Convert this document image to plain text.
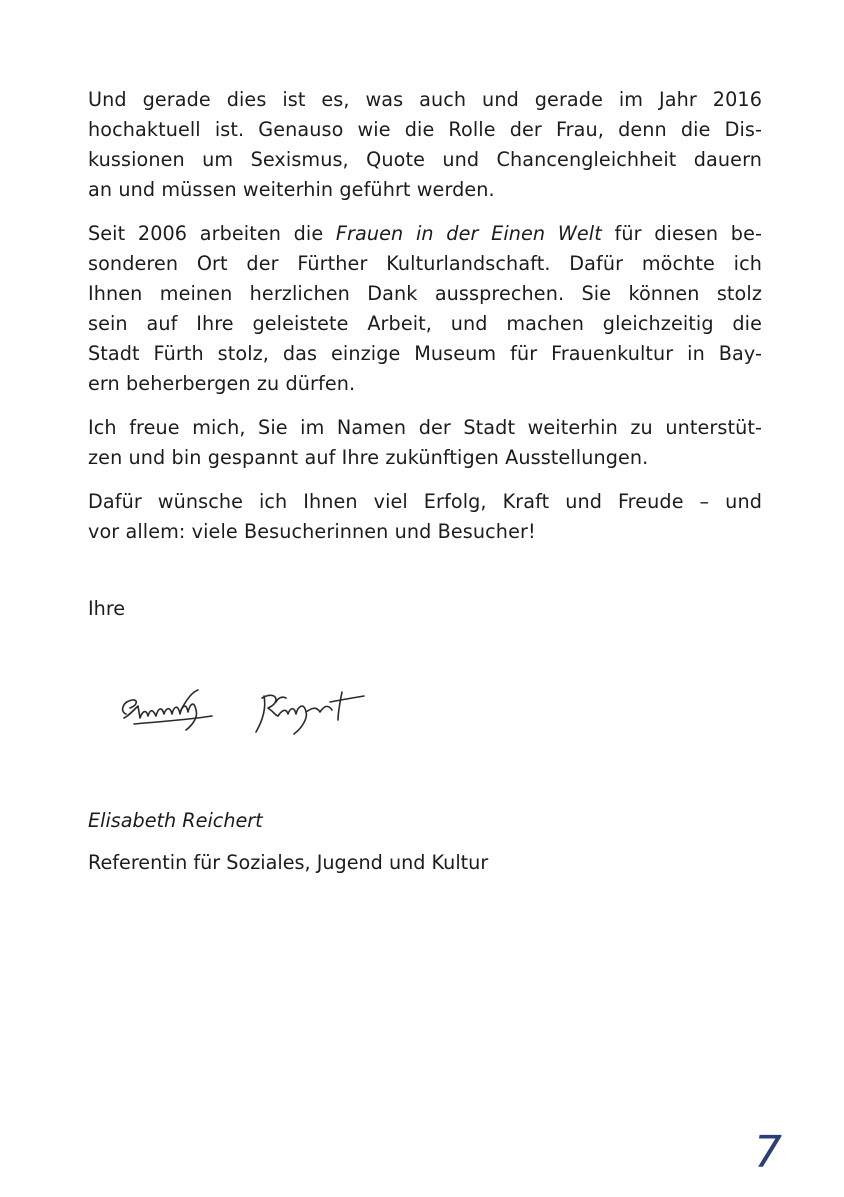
Und gerade dies ist es, was auch und gerade im Jahr 2016
hochaktuell ist. Genauso wie die Rolle der Frau, denn die Dis-
kussionen um Sexismus, Quote und Chancengleichheit dauern
an und müssen weiterhin geführt werden.

Seit 2006 arbeiten die Frauen in der Einen Welt für diesen be-
sonderen Ort der Fürther Kulturlandschaft. Dafür möchte ich
Ihnen meinen herzlichen Dank aussprechen. Sie können stolz
sein auf Ihre geleistete Arbeit, und machen gleichzeitig die
Stadt Fürth stolz, das einzige Museum für Frauenkultur in Bay-
ern beherbergen zu dürfen.

Ich freue mich, Sie im Namen der Stadt weiterhin zu unterstüt-
zen und bin gespannt auf Ihre zukünftigen Ausstellungen.

Dafür wünsche ich Ihnen viel Erfolg, Kraft und Freude – und
vor allem: viele Besucherinnen und Besucher!

Ihre

Elisabeth Reichert

Referentin für Soziales, Jugend und Kultur

7
